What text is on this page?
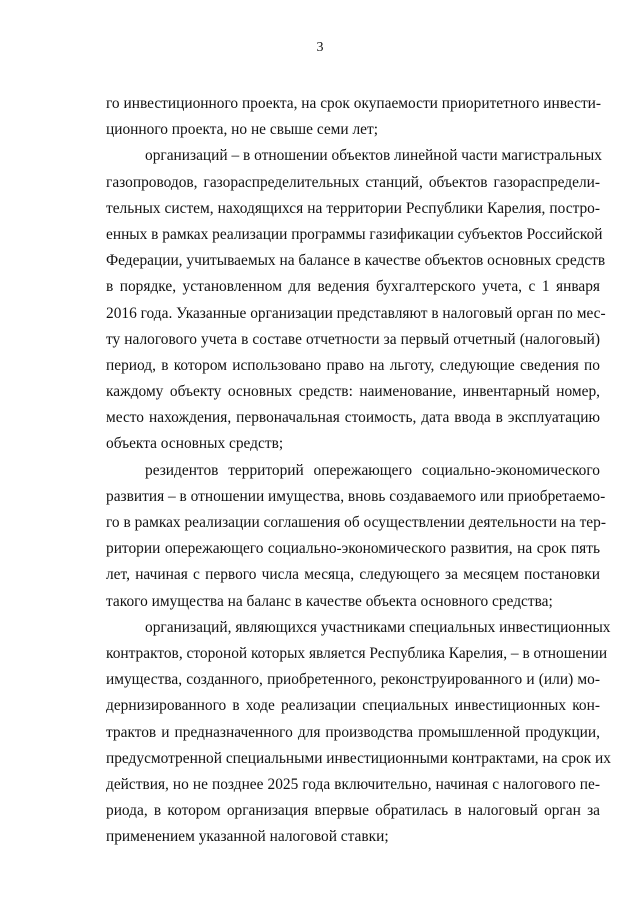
3
го инвестиционного проекта, на срок окупаемости приоритетного инвести-
ционного проекта, но не свыше семи лет;
организаций – в отношении объектов линейной части магистральных
газопроводов, газораспределительных станций, объектов газораспредели-
тельных систем, находящихся на территории Республики Карелия, постро-
енных в рамках реализации программы газификации субъектов Российской
Федерации, учитываемых на балансе в качестве объектов основных средств
в порядке, установленном для ведения бухгалтерского учета, с 1 января
2016 года. Указанные организации представляют в налоговый орган по мес-
ту налогового учета в составе отчетности за первый отчетный (налоговый)
период, в котором использовано право на льготу, следующие сведения по
каждому объекту основных средств: наименование, инвентарный номер,
место нахождения, первоначальная стоимость, дата ввода в эксплуатацию
объекта основных средств;
резидентов территорий опережающего социально-экономического
развития – в отношении имущества, вновь создаваемого или приобретаемо-
го в рамках реализации соглашения об осуществлении деятельности на тер-
ритории опережающего социально-экономического развития, на срок пять
лет, начиная с первого числа месяца, следующего за месяцем постановки
такого имущества на баланс в качестве объекта основного средства;
организаций, являющихся участниками специальных инвестиционных
контрактов, стороной которых является Республика Карелия, – в отношении
имущества, созданного, приобретенного, реконструированного и (или) мо-
дернизированного в ходе реализации специальных инвестиционных кон-
трактов и предназначенного для производства промышленной продукции,
предусмотренной специальными инвестиционными контрактами, на срок их
действия, но не позднее 2025 года включительно, начиная с налогового пе-
риода, в котором организация впервые обратилась в налоговый орган за
применением указанной налоговой ставки;
